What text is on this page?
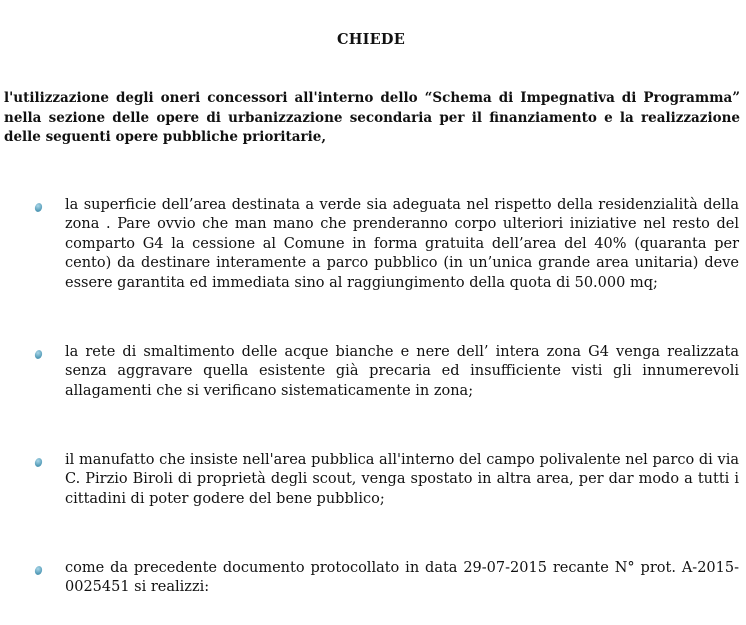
CHIEDE
l'utilizzazione degli oneri concessori all'interno dello “Schema di Impegnativa di Programma” nella sezione delle opere di urbanizzazione secondaria per il finanziamento e la realizzazione delle seguenti opere pubbliche prioritarie,
la superficie dell’area destinata a verde sia adeguata nel rispetto della residenzialità della zona . Pare ovvio che man mano che prenderanno corpo ulteriori iniziative nel resto del comparto G4 la cessione al Comune in forma gratuita dell’area del 40% (quaranta per cento) da destinare interamente a parco pubblico (in un’unica grande area unitaria) deve essere garantita ed immediata sino al raggiungimento della quota di 50.000 mq;
la rete di smaltimento delle acque bianche e nere dell’ intera zona G4 venga realizzata senza aggravare quella esistente già precaria ed insufficiente visti gli innumerevoli allagamenti che si verificano sistematicamente in zona;
il manufatto che insiste nell'area pubblica all'interno del campo polivalente nel parco di via C. Pirzio Biroli di proprietà degli scout, venga spostato in altra area, per dar modo a tutti i cittadini di poter godere del bene pubblico;
come da precedente documento protocollato in data 29-07-2015 recante N° prot. A-2015-0025451 si realizzi:
